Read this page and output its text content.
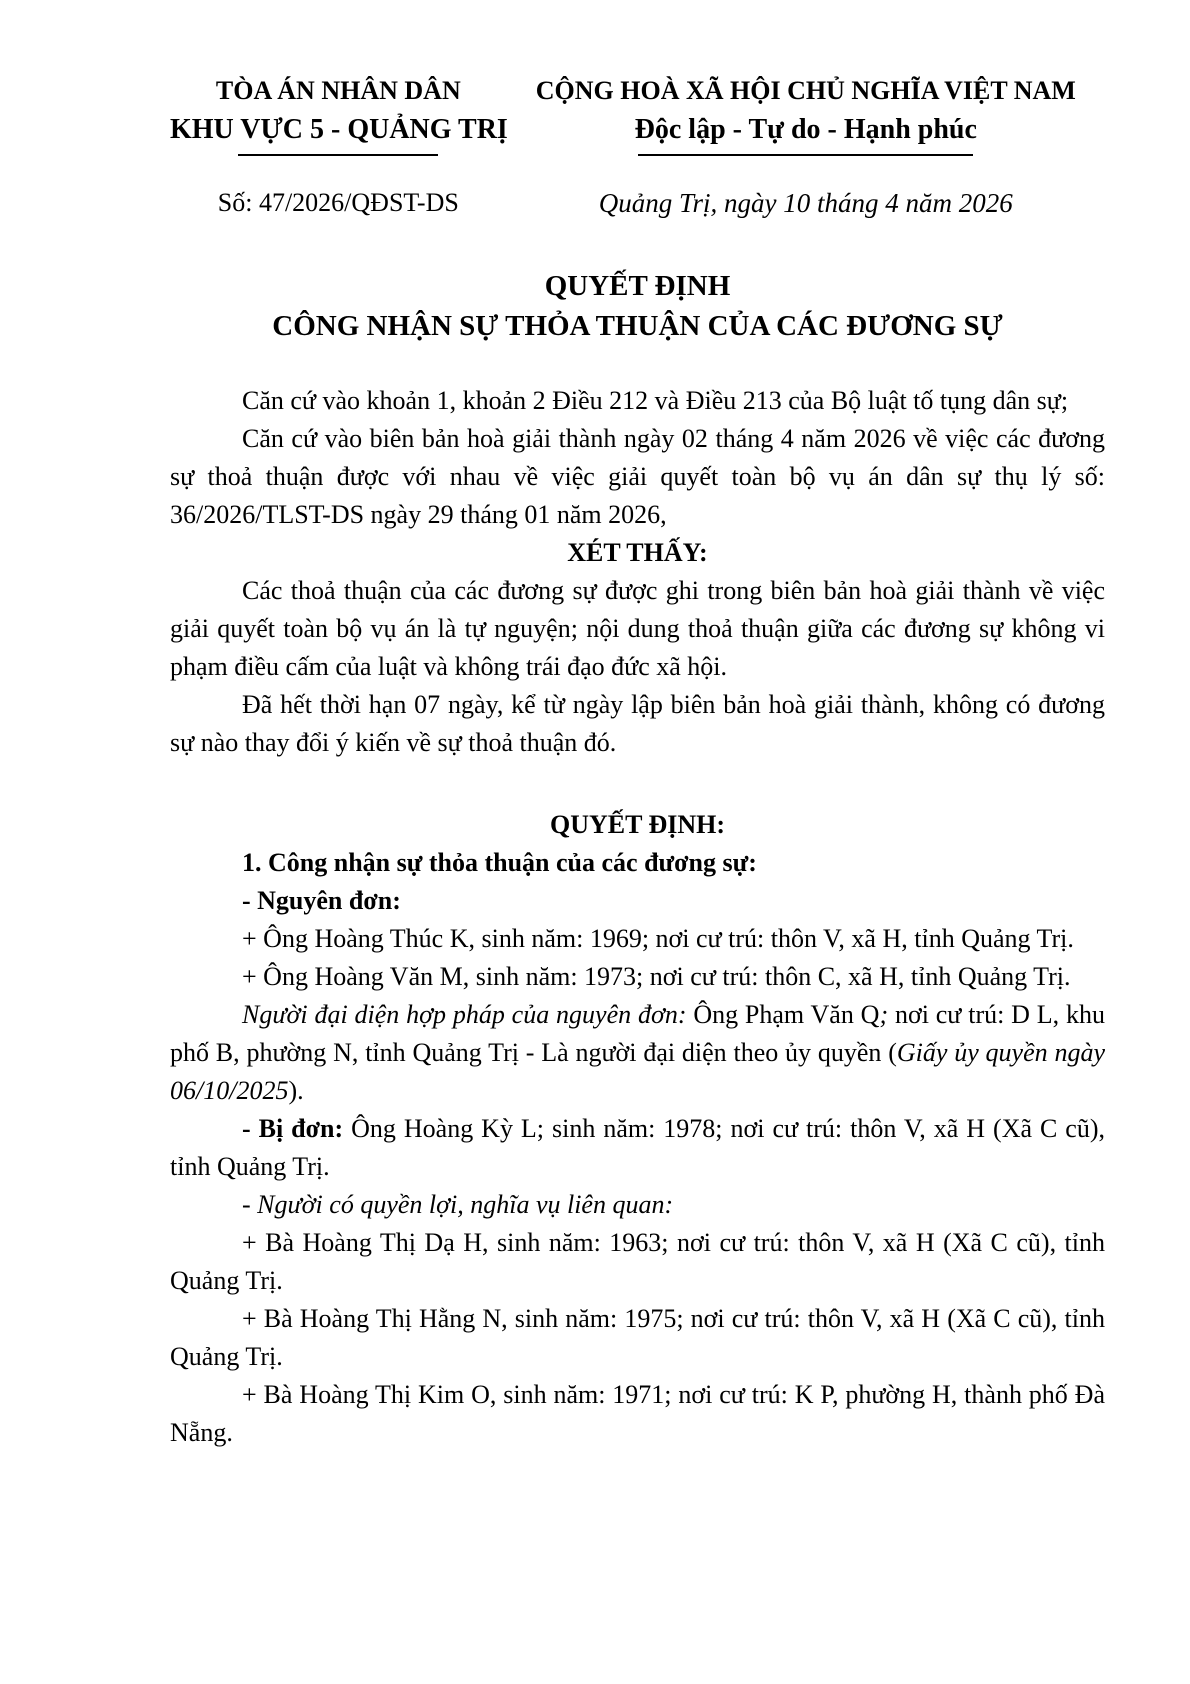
TÒA ÁN NHÂN DÂN
KHU VỰC 5 - QUẢNG TRỊ
Số: 47/2026/QĐST-DS
CỘNG HOÀ XÃ HỘI CHỦ NGHĨA VIỆT NAM
Độc lập - Tự do - Hạnh phúc
Quảng Trị, ngày 10 tháng 4 năm 2026
QUYẾT ĐỊNH
CÔNG NHẬN SỰ THỎA THUẬN CỦA CÁC ĐƯƠNG SỰ

Căn cứ vào khoản 1, khoản 2 Điều 212 và Điều 213 của Bộ luật tố tụng dân sự;

Căn cứ vào biên bản hoà giải thành ngày 02 tháng 4 năm 2026 về việc các đương sự thoả thuận được với nhau về việc giải quyết toàn bộ vụ án dân sự thụ lý số: 36/2026/TLST-DS ngày 29 tháng 01 năm 2026,

XÉT THẤY:

Các thoả thuận của các đương sự được ghi trong biên bản hoà giải thành về việc giải quyết toàn bộ vụ án là tự nguyện; nội dung thoả thuận giữa các đương sự không vi phạm điều cấm của luật và không trái đạo đức xã hội.

Đã hết thời hạn 07 ngày, kể từ ngày lập biên bản hoà giải thành, không có đương sự nào thay đổi ý kiến về sự thoả thuận đó.

QUYẾT ĐỊNH:

1. Công nhận sự thỏa thuận của các đương sự:

- Nguyên đơn:

+ Ông Hoàng Thúc K, sinh năm: 1969; nơi cư trú: thôn V, xã H, tỉnh Quảng Trị.

+ Ông Hoàng Văn M, sinh năm: 1973; nơi cư trú: thôn C, xã H, tỉnh Quảng Trị.

Người đại diện hợp pháp của nguyên đơn: Ông Phạm Văn Q; nơi cư trú: D L, khu phố B, phường N, tỉnh Quảng Trị - Là người đại diện theo ủy quyền (Giấy ủy quyền ngày 06/10/2025).

- Bị đơn: Ông Hoàng Kỳ L; sinh năm: 1978; nơi cư trú: thôn V, xã H (Xã C cũ), tỉnh Quảng Trị.

- Người có quyền lợi, nghĩa vụ liên quan:

+ Bà Hoàng Thị Dạ H, sinh năm: 1963; nơi cư trú: thôn V, xã H (Xã C cũ), tỉnh Quảng Trị.

+ Bà Hoàng Thị Hằng N, sinh năm: 1975; nơi cư trú: thôn V, xã H (Xã C cũ), tỉnh Quảng Trị.

+ Bà Hoàng Thị Kim O, sinh năm: 1971; nơi cư trú: K P, phường H, thành phố Đà Nẵng.
